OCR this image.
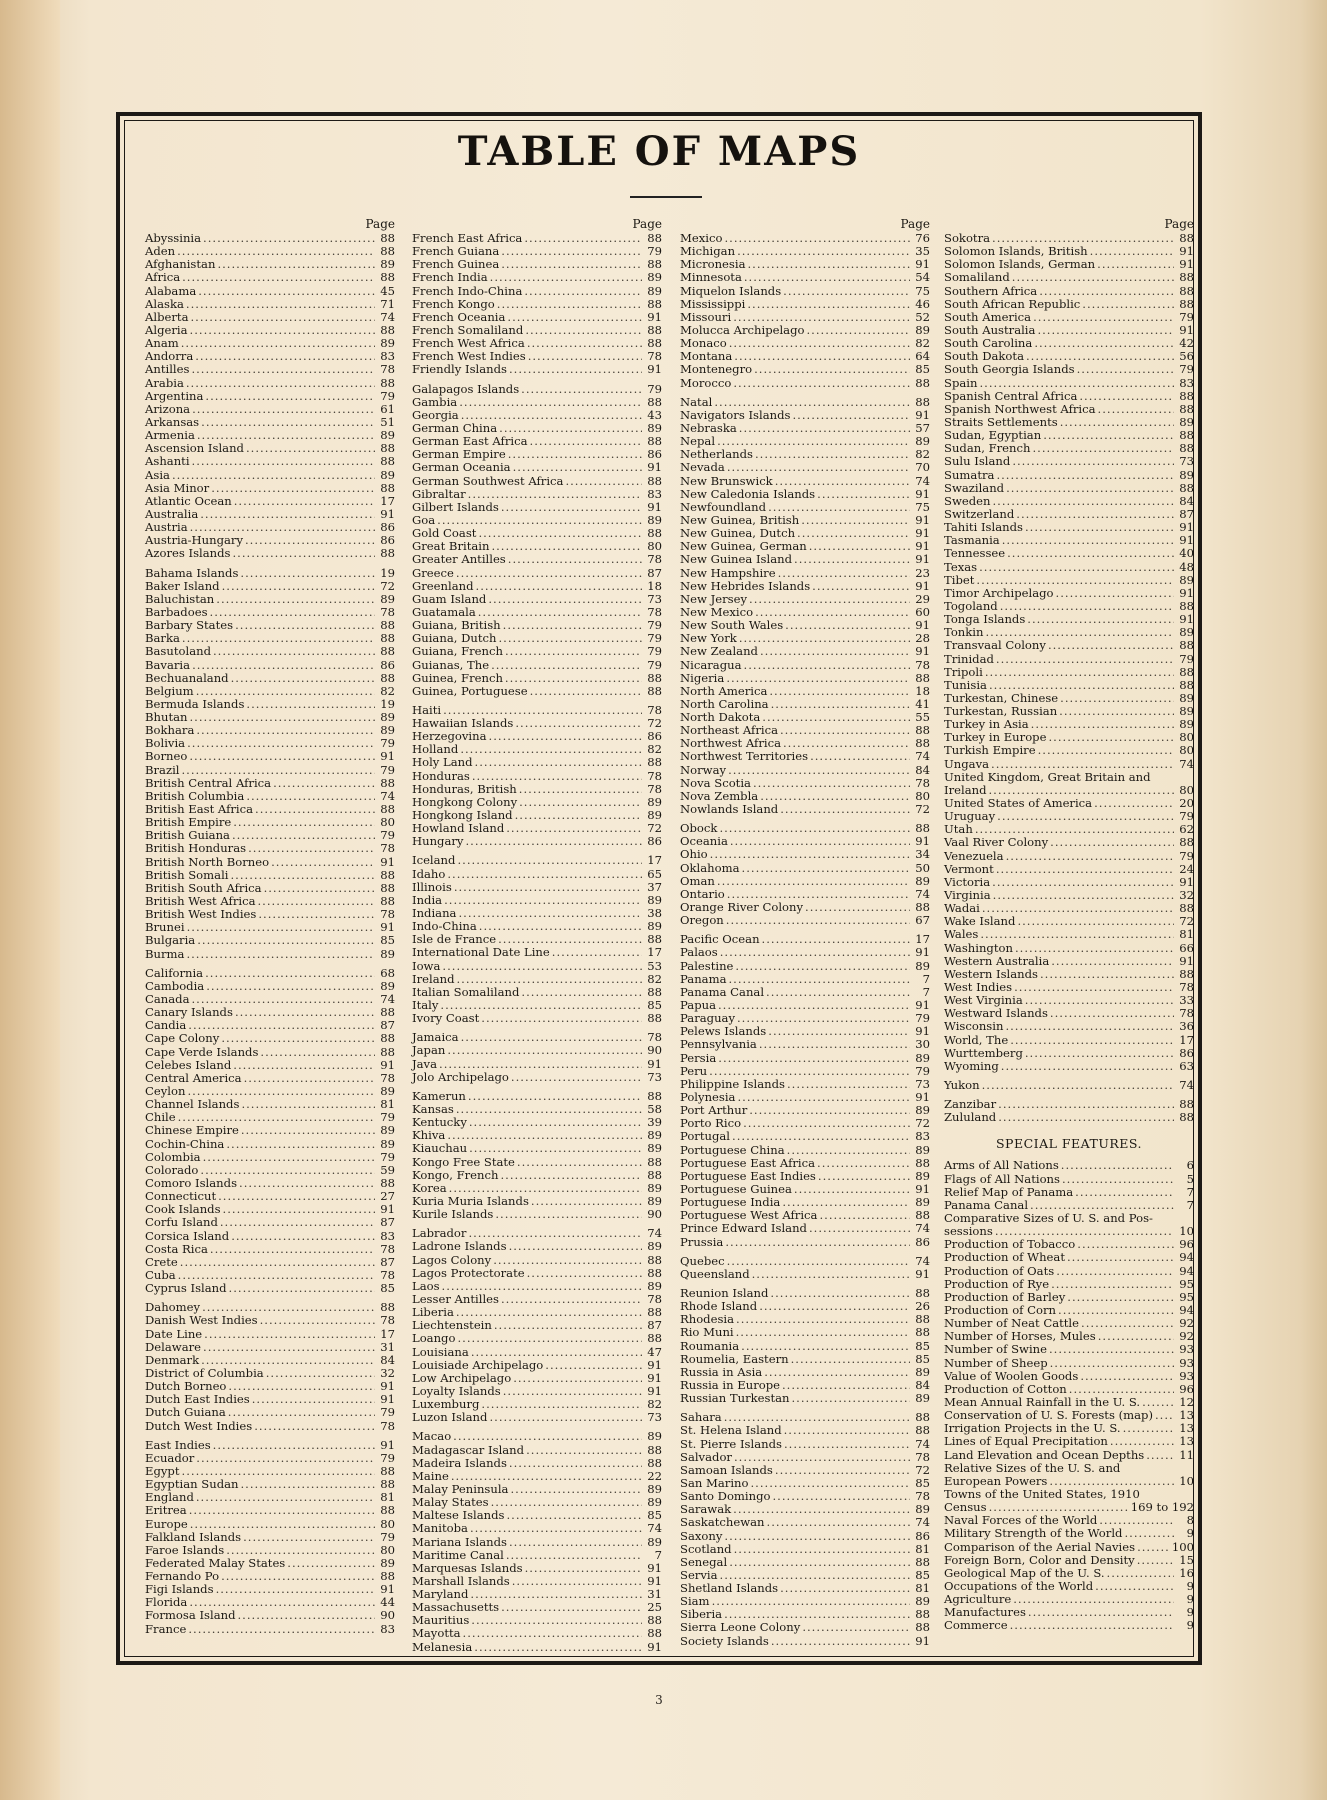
TABLE OF MAPS
Page
Abyssinia .....	88
Aden .....	88
Afghanistan .....	89
Africa .....	88
Alabama .....	45
Alaska .....	71
Alberta .....	74
Algeria .....	88
Anam .....	89
Andorra .....	83
Antilles .....	78
Arabia .....	88
Argentina .....	79
Arizona .....	61
Arkansas .....	51
Armenia .....	89
Ascension Island .....	88
Ashanti .....	88
Asia .....	89
Asia Minor .....	88
Atlantic Ocean .....	17
Australia .....	91
Austria .....	86
Austria-Hungary .....	86
Azores Islands .....	88
Bahama Islands .....	19
Baker Island .....	72
Baluchistan .....	89
Barbadoes .....	78
Barbary States .....	88
Barka .....	88
Basutoland .....	88
Bavaria .....	86
Bechuanaland .....	88
Belgium .....	82
Bermuda Islands .....	19
Bhutan .....	89
Bokhara .....	89
Bolivia .....	79
Borneo .....	91
Brazil .....	79
British Central Africa .....	88
British Columbia .....	74
British East Africa .....	88
British Empire .....	80
British Guiana .....	79
British Honduras .....	78
British North Borneo .....	91
British Somali .....	88
British South Africa .....	88
British West Africa .....	88
British West Indies .....	78
Brunei .....	91
Bulgaria .....	85
Burma .....	89
California .....	68
Cambodia .....	89
Canada .....	74
Canary Islands .....	88
Candia .....	87
Cape Colony .....	88
Cape Verde Islands .....	88
Celebes Island .....	91
Central America .....	78
Ceylon .....	89
Channel Islands .....	81
Chile .....	79
Chinese Empire .....	89
Cochin-China .....	89
Colombia .....	79
Colorado .....	59
Comoro Islands .....	88
Connecticut .....	27
Cook Islands .....	91
Corfu Island .....	87
Corsica Island .....	83
Costa Rica .....	78
Crete .....	87
Cuba .....	78
Cyprus Island .....	85
Dahomey .....	88
Danish West Indies .....	78
Date Line .....	17
Delaware .....	31
Denmark .....	84
District of Columbia .....	32
Dutch Borneo .....	91
Dutch East Indies .....	91
Dutch Guiana .....	79
Dutch West Indies .....	78
East Indies .....	91
Ecuador .....	79
Egypt .....	88
Egyptian Sudan .....	88
England .....	81
Eritrea .....	88
Europe .....	80
Falkland Islands .....	79
Faroe Islands .....	80
Federated Malay States .....	89
Fernando Po .....	88
Figi Islands .....	91
Florida .....	44
Formosa Island .....	90
France .....	83
Page
French East Africa .....	88
French Guiana .....	79
French Guinea .....	88
French India .....	89
French Indo-China .....	89
French Kongo .....	88
French Oceania .....	91
French Somaliland .....	88
French West Africa .....	88
French West Indies .....	78
Friendly Islands .....	91
Galapagos Islands .....	79
Gambia .....	88
Georgia .....	43
German China .....	89
German East Africa .....	88
German Empire .....	86
German Oceania .....	91
German Southwest Africa .....	88
Gibraltar .....	83
Gilbert Islands .....	91
Goa .....	89
Gold Coast .....	88
Great Britain .....	80
Greater Antilles .....	78
Greece .....	87
Greenland .....	18
Guam Island .....	73
Guatamala .....	78
Guiana, British .....	79
Guiana, Dutch .....	79
Guiana, French .....	79
Guianas, The .....	79
Guinea, French .....	88
Guinea, Portuguese .....	88
Haiti .....	78
Hawaiian Islands .....	72
Herzegovina .....	86
Holland .....	82
Holy Land .....	88
Honduras .....	78
Honduras, British .....	78
Hongkong Colony .....	89
Hongkong Island .....	89
Howland Island .....	72
Hungary .....	86
Iceland .....	17
Idaho .....	65
Illinois .....	37
India .....	89
Indiana .....	38
Indo-China .....	89
Isle de France .....	88
International Date Line .....	17
Iowa .....	53
Ireland .....	82
Italian Somaliland .....	88
Italy .....	85
Ivory Coast .....	88
Jamaica .....	78
Japan .....	90
Java .....	91
Jolo Archipelago .....	73
Kamerun .....	88
Kansas .....	58
Kentucky .....	39
Khiva .....	89
Kiauchau .....	89
Kongo Free State .....	88
Kongo, French .....	88
Korea .....	89
Kuria Muria Islands .....	89
Kurile Islands .....	90
Labrador .....	74
Ladrone Islands .....	89
Lagos Colony .....	88
Lagos Protectorate .....	88
Laos .....	89
Lesser Antilles .....	78
Liberia .....	88
Liechtenstein .....	87
Loango .....	88
Louisiana .....	47
Louisiade Archipelago .....	91
Low Archipelago .....	91
Loyalty Islands .....	91
Luxemburg .....	82
Luzon Island .....	73
Macao .....	89
Madagascar Island .....	88
Madeira Islands .....	88
Maine .....	22
Malay Peninsula .....	89
Malay States .....	89
Maltese Islands .....	85
Manitoba .....	74
Mariana Islands .....	89
Maritime Canal .....	7
Marquesas Islands .....	91
Marshall Islands .....	91
Maryland .....	31
Massachusetts .....	25
Mauritius .....	88
Mayotta .....	88
Melanesia .....	91
Page
Mexico .....	76
Michigan .....	35
Micronesia .....	91
Minnesota .....	54
Miquelon Islands .....	75
Mississippi .....	46
Missouri .....	52
Molucca Archipelago .....	89
Monaco .....	82
Montana .....	64
Montenegro .....	85
Morocco .....	88
Natal .....	88
Navigators Islands .....	91
Nebraska .....	57
Nepal .....	89
Netherlands .....	82
Nevada .....	70
New Brunswick .....	74
New Caledonia Islands .....	91
Newfoundland .....	75
New Guinea, British .....	91
New Guinea, Dutch .....	91
New Guinea, German .....	91
New Guinea Island .....	91
New Hampshire .....	23
New Hebrides Islands .....	91
New Jersey .....	29
New Mexico .....	60
New South Wales .....	91
New York .....	28
New Zealand .....	91
Nicaragua .....	78
Nigeria .....	88
North America .....	18
North Carolina .....	41
North Dakota .....	55
Northeast Africa .....	88
Northwest Africa .....	88
Northwest Territories .....	74
Norway .....	84
Nova Scotia .....	78
Nova Zembla .....	80
Nowlands Island .....	72
Obock .....	88
Oceania .....	91
Ohio .....	34
Oklahoma .....	50
Oman .....	89
Ontario .....	74
Orange River Colony .....	88
Oregon .....	67
Pacific Ocean .....	17
Palaos .....	91
Palestine .....	89
Panama .....	7
Panama Canal .....	7
Papua .....	91
Paraguay .....	79
Pelews Islands .....	91
Pennsylvania .....	30
Persia .....	89
Peru .....	79
Philippine Islands .....	73
Polynesia .....	91
Port Arthur .....	89
Porto Rico .....	72
Portugal .....	83
Portuguese China .....	89
Portuguese East Africa .....	88
Portuguese East Indies .....	89
Portuguese Guinea .....	91
Portuguese India .....	89
Portuguese West Africa .....	88
Prince Edward Island .....	74
Prussia .....	86
Quebec .....	74
Queensland .....	91
Reunion Island .....	88
Rhode Island .....	26
Rhodesia .....	88
Rio Muni .....	88
Roumania .....	85
Roumelia, Eastern .....	85
Russia in Asia .....	89
Russia in Europe .....	84
Russian Turkestan .....	89
Sahara .....	88
St. Helena Island .....	88
St. Pierre Islands .....	74
Salvador .....	78
Samoan Islands .....	72
San Marino .....	85
Santo Domingo .....	78
Sarawak .....	89
Saskatchewan .....	74
Saxony .....	86
Scotland .....	81
Senegal .....	88
Servia .....	85
Shetland Islands .....	81
Siam .....	89
Siberia .....	88
Sierra Leone Colony .....	88
Society Islands .....	91
Page
Sokotra .....	88
Solomon Islands, British .....	91
Solomon Islands, German .....	91
Somaliland .....	88
Southern Africa .....	88
South African Republic .....	88
South America .....	79
South Australia .....	91
South Carolina .....	42
South Dakota .....	56
South Georgia Islands .....	79
Spain .....	83
Spanish Central Africa .....	88
Spanish Northwest Africa .....	88
Straits Settlements .....	89
Sudan, Egyptian .....	88
Sudan, French .....	88
Sulu Island .....	73
Sumatra .....	89
Swaziland .....	88
Sweden .....	84
Switzerland .....	87
Tahiti Islands .....	91
Tasmania .....	91
Tennessee .....	40
Texas .....	48
Tibet .....	89
Timor Archipelago .....	91
Togoland .....	88
Tonga Islands .....	91
Tonkin .....	89
Transvaal Colony .....	88
Trinidad .....	79
Tripoli .....	88
Tunisia .....	88
Turkestan, Chinese .....	89
Turkestan, Russian .....	89
Turkey in Asia .....	89
Turkey in Europe .....	80
Turkish Empire .....	80
Ungava .....	74
United Kingdom, Great Britain and
Ireland .....	80
United States of America .....	20
Uruguay .....	79
Utah .....	62
Vaal River Colony .....	88
Venezuela .....	79
Vermont .....	24
Victoria .....	91
Virginia .....	32
Wadai .....	88
Wake Island .....	72
Wales .....	81
Washington .....	66
Western Australia .....	91
Western Islands .....	88
West Indies .....	78
West Virginia .....	33
Westward Islands .....	78
Wisconsin .....	36
World, The .....	17
Wurttemberg .....	86
Wyoming .....	63
Yukon .....	74
Zanzibar .....	88
Zululand .....	88
SPECIAL FEATURES.
Arms of All Nations .....	6
Flags of All Nations .....	5
Relief Map of Panama .....	7
Panama Canal .....	7
Comparative Sizes of U. S. and Pos-
sessions .....	10
Production of Tobacco .....	96
Production of Wheat .....	94
Production of Oats .....	94
Production of Rye .....	95
Production of Barley .....	95
Production of Corn .....	94
Number of Neat Cattle .....	92
Number of Horses, Mules .....	92
Number of Swine .....	93
Number of Sheep .....	93
Value of Woolen Goods .....	93
Production of Cotton .....	96
Mean Annual Rainfall in the U. S. .....	12
Conservation of U. S. Forests (map) ..... 13
Irrigation Projects in the U. S. .....	13
Lines of Equal Precipitation .....	13
Land Elevation and Ocean Depths .....	11
Relative Sizes of the U. S. and
European Powers .....	10
Towns of the United States, 1910
Census .....	169 to 192
Naval Forces of the World .....	8
Military Strength of the World .....	9
Comparison of the Aerial Navies .....	100
Foreign Born, Color and Density .....	15
Geological Map of the U. S. .....	16
Occupations of the World .....	9
Agriculture .....	9
Manufactures .....	9
Commerce .....	9
3
